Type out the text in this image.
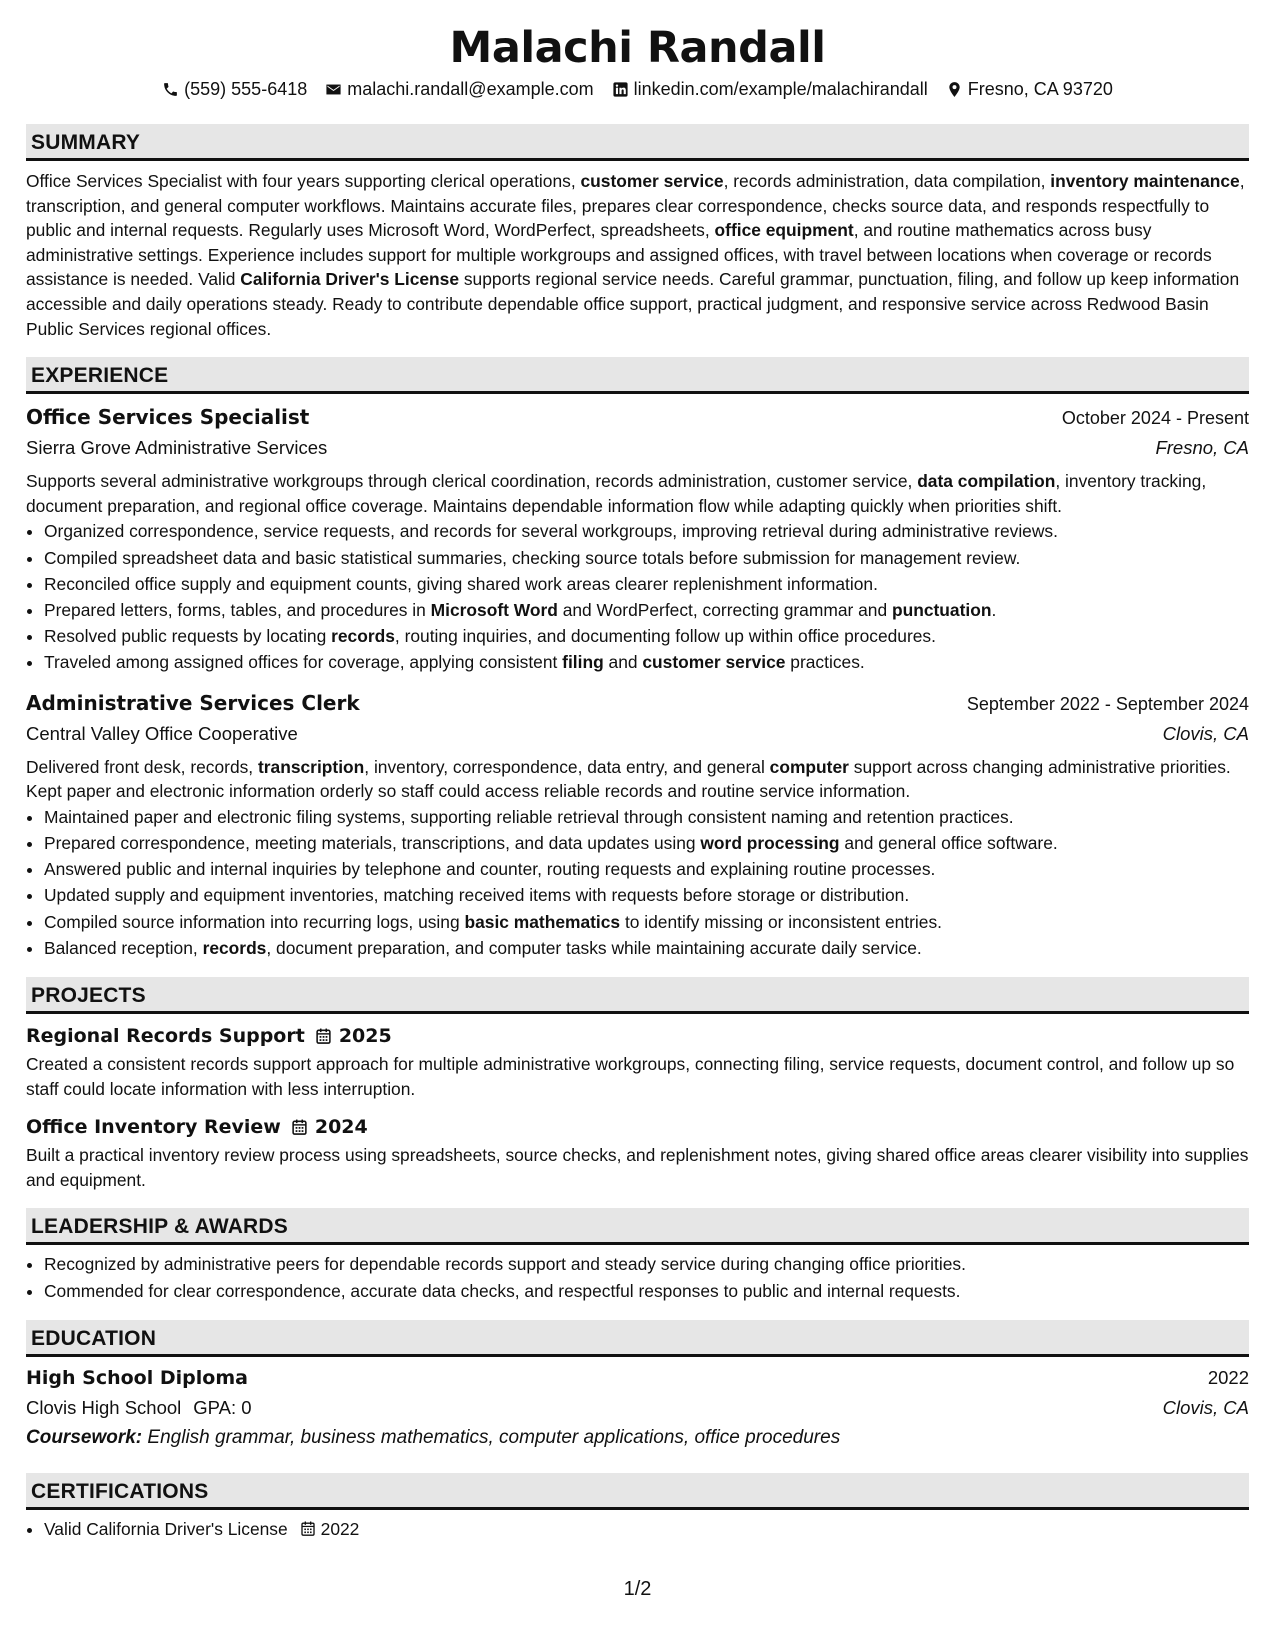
Malachi Randall
(559) 555-6418 malachi.randall@example.com linkedin.com/example/malachirandall Fresno, CA 93720
SUMMARY

Office Services Specialist with four years supporting clerical operations, customer service, records administration, data compilation, inventory maintenance, transcription, and general computer workflows. Maintains accurate files, prepares clear correspondence, checks source data, and responds respectfully to public and internal requests. Regularly uses Microsoft Word, WordPerfect, spreadsheets, office equipment, and routine mathematics across busy administrative settings. Experience includes support for multiple workgroups and assigned offices, with travel between locations when coverage or records assistance is needed. Valid California Driver's License supports regional service needs. Careful grammar, punctuation, filing, and follow up keep information accessible and daily operations steady. Ready to contribute dependable office support, practical judgment, and responsive service across Redwood Basin Public Services regional offices.

EXPERIENCE
Office Services Specialist	October 2024 - Present
Sierra Grove Administrative Services	Fresno, CA

Supports several administrative workgroups through clerical coordination, records administration, customer service, data compilation, inventory tracking, document preparation, and regional office coverage. Maintains dependable information flow while adapting quickly when priorities shift.

• Organized correspondence, service requests, and records for several workgroups, improving retrieval during administrative reviews.
• Compiled spreadsheet data and basic statistical summaries, checking source totals before submission for management review.
• Reconciled office supply and equipment counts, giving shared work areas clearer replenishment information.
• Prepared letters, forms, tables, and procedures in Microsoft Word and WordPerfect, correcting grammar and punctuation.
• Resolved public requests by locating records, routing inquiries, and documenting follow up within office procedures.
• Traveled among assigned offices for coverage, applying consistent filing and customer service practices.
Administrative Services Clerk	September 2022 - September 2024
Central Valley Office Cooperative	Clovis, CA

Delivered front desk, records, transcription, inventory, correspondence, data entry, and general computer support across changing administrative priorities. Kept paper and electronic information orderly so staff could access reliable records and routine service information.

• Maintained paper and electronic filing systems, supporting reliable retrieval through consistent naming and retention practices.
• Prepared correspondence, meeting materials, transcriptions, and data updates using word processing and general office software.
• Answered public and internal inquiries by telephone and counter, routing requests and explaining routine processes.
• Updated supply and equipment inventories, matching received items with requests before storage or distribution.
• Compiled source information into recurring logs, using basic mathematics to identify missing or inconsistent entries.
• Balanced reception, records, document preparation, and computer tasks while maintaining accurate daily service.
PROJECTS
Regional Records Support 2025

Created a consistent records support approach for multiple administrative workgroups, connecting filing, service requests, document control, and follow up so staff could locate information with less interruption.

Office Inventory Review 2024

Built a practical inventory review process using spreadsheets, source checks, and replenishment notes, giving shared office areas clearer visibility into supplies and equipment.

LEADERSHIP & AWARDS
• Recognized by administrative peers for dependable records support and steady service during changing office priorities.
• Commended for clear correspondence, accurate data checks, and respectful responses to public and internal requests.
EDUCATION
High School Diploma	2022
Clovis High School GPA: 0	Clovis, CA
Coursework: English grammar, business mathematics, computer applications, office procedures
CERTIFICATIONS
• Valid California Driver's License 2022
1/2
